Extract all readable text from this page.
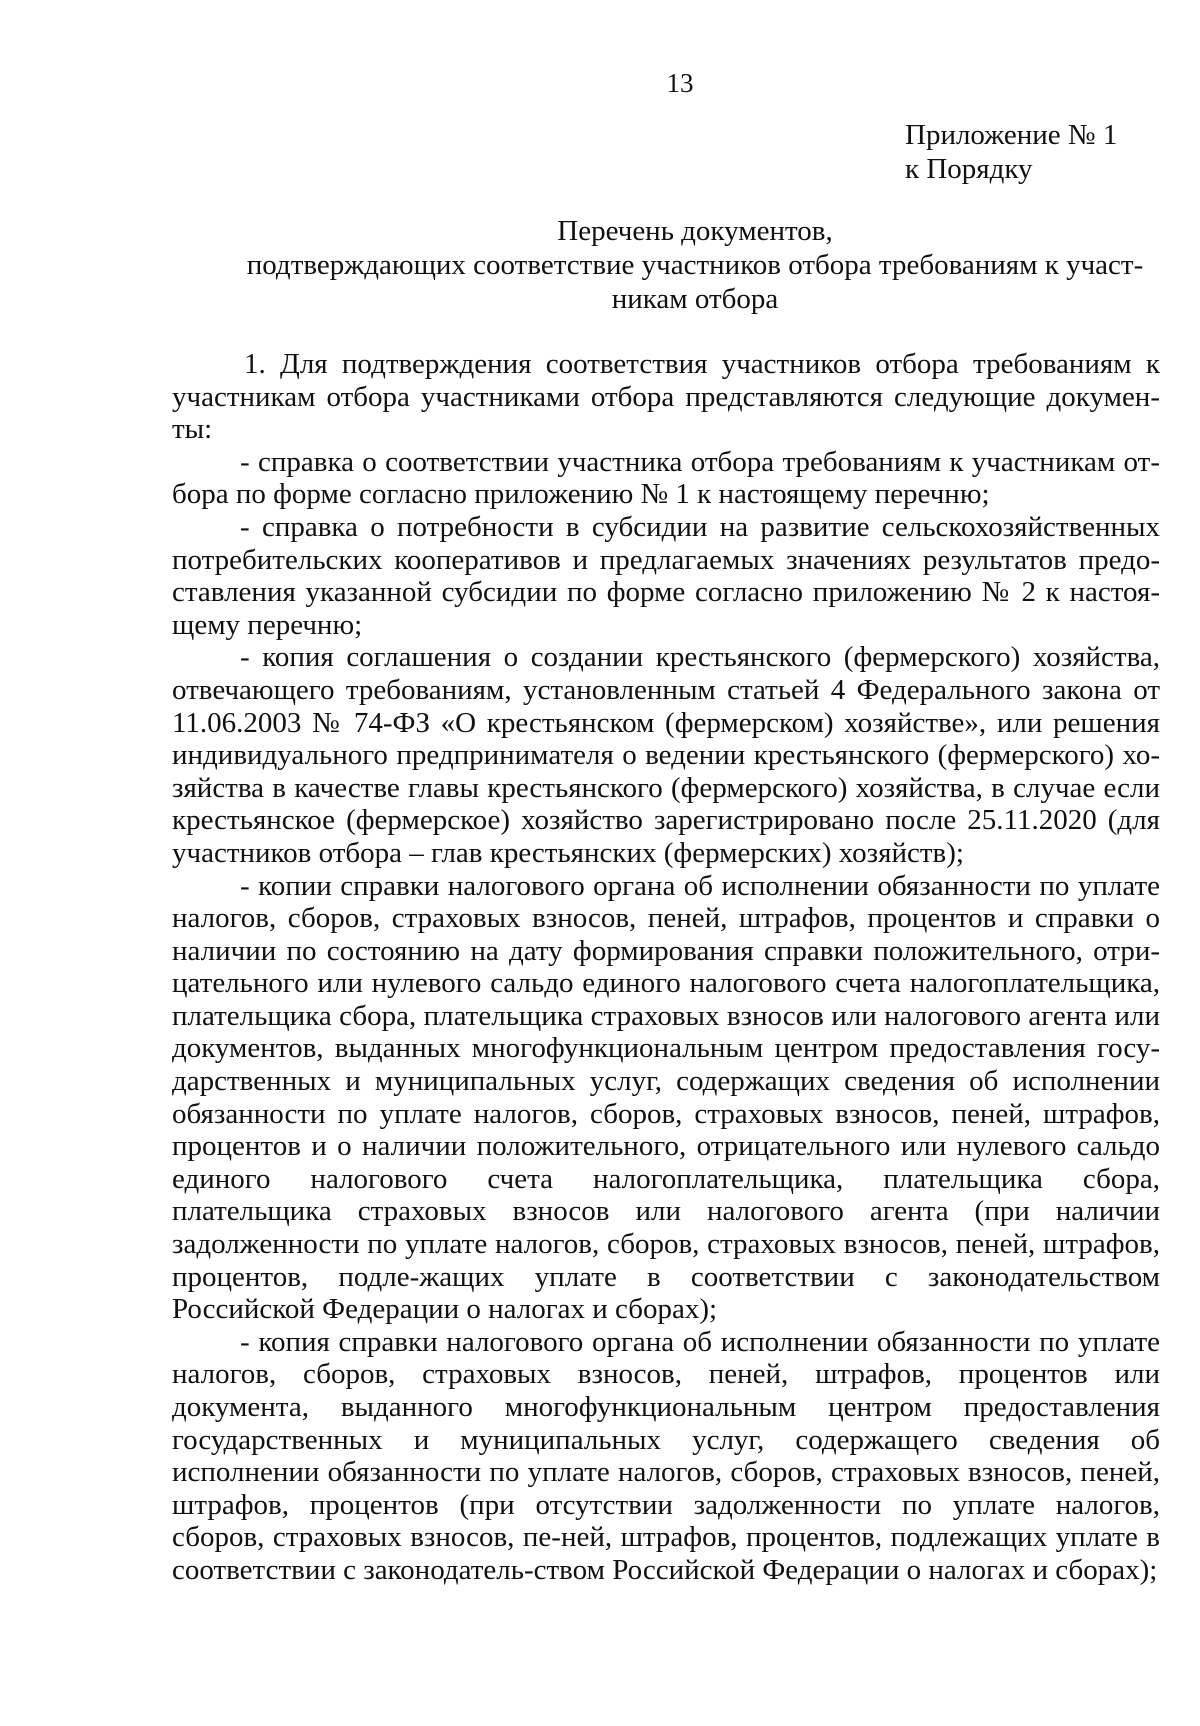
13
Приложение № 1
к Порядку
Перечень документов,
подтверждающих соответствие участников отбора требованиям к участ-
никам отбора

1. Для подтверждения соответствия участников отбора требованиям к участникам отбора участниками отбора представляются следующие докумен-ты:

- справка о соответствии участника отбора требованиям к участникам от-бора по форме согласно приложению № 1 к настоящему перечню;

- справка о потребности в субсидии на развитие сельскохозяйственных потребительских кооперативов и предлагаемых значениях результатов предо-ставления указанной субсидии по форме согласно приложению № 2 к настоя-щему перечню;

- копия соглашения о создании крестьянского (фермерского) хозяйства, отвечающего требованиям, установленным статьей 4 Федерального закона от 11.06.2003 № 74-ФЗ «О крестьянском (фермерском) хозяйстве», или решения индивидуального предпринимателя о ведении крестьянского (фермерского) хо-зяйства в качестве главы крестьянского (фермерского) хозяйства, в случае если крестьянское (фермерское) хозяйство зарегистрировано после 25.11.2020 (для участников отбора – глав крестьянских (фермерских) хозяйств);

- копии справки налогового органа об исполнении обязанности по уплате налогов, сборов, страховых взносов, пеней, штрафов, процентов и справки о наличии по состоянию на дату формирования справки положительного, отри-цательного или нулевого сальдо единого налогового счета налогоплательщика, плательщика сбора, плательщика страховых взносов или налогового агента или документов, выданных многофункциональным центром предоставления госу-дарственных и муниципальных услуг, содержащих сведения об исполнении обязанности по уплате налогов, сборов, страховых взносов, пеней, штрафов, процентов и о наличии положительного, отрицательного или нулевого сальдо единого налогового счета налогоплательщика, плательщика сбора, плательщика страховых взносов или налогового агента (при наличии задолженности по уплате налогов, сборов, страховых взносов, пеней, штрафов, процентов, подле-жащих уплате в соответствии с законодательством Российской Федерации о налогах и сборах);

- копия справки налогового органа об исполнении обязанности по уплате налогов, сборов, страховых взносов, пеней, штрафов, процентов или документа, выданного многофункциональным центром предоставления государственных и муниципальных услуг, содержащего сведения об исполнении обязанности по уплате налогов, сборов, страховых взносов, пеней, штрафов, процентов (при отсутствии задолженности по уплате налогов, сборов, страховых взносов, пе-ней, штрафов, процентов, подлежащих уплате в соответствии с законодатель-ством Российской Федерации о налогах и сборах);
